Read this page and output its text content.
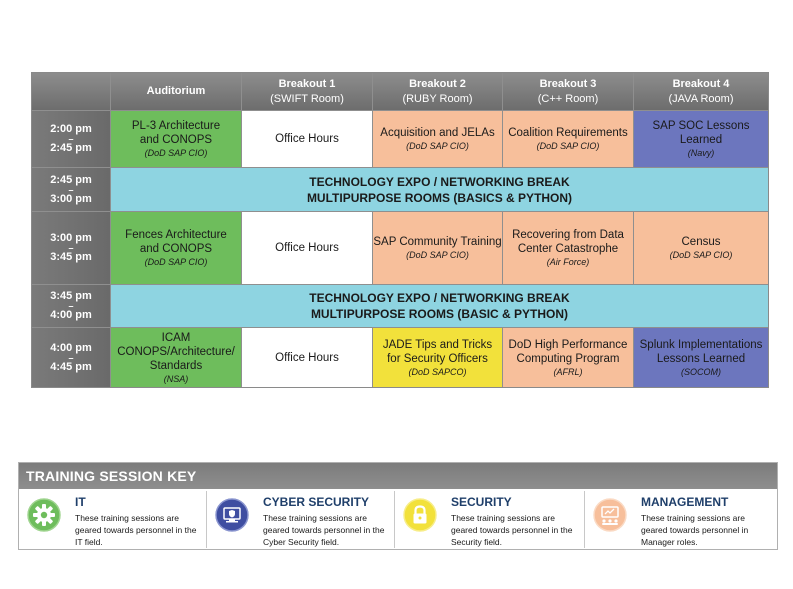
Auditorium
Breakout 1
(SWIFT Room)
Breakout 2
(RUBY Room)
Breakout 3
(C++ Room)
Breakout 4
(JAVA Room)
2:00 pm
–
2:45 pm
PL-3 Architecture
and CONOPS
(DoD SAP CIO)
Office Hours	Acquisition and JELAs
(DoD SAP CIO)
Coalition Requirements
(DoD SAP CIO)
SAP SOC Lessons Learned
(Navy)
2:45 pm
–
3:00 pm
TECHNOLOGY EXPO / NETWORKING BREAK
MULTIPURPOSE ROOMS (BASICS & PYTHON)
3:00 pm
–
3:45 pm
Fences Architecture
and CONOPS
(DoD SAP CIO)
Office Hours	SAP Community Training
(DoD SAP CIO)
Recovering from Data
Center Catastrophe
(Air Force)
Census
(DoD SAP CIO)
3:45 pm
–
4:00 pm
TECHNOLOGY EXPO / NETWORKING BREAK
MULTIPURPOSE ROOMS (BASIC & PYTHON)
4:00 pm
–
4:45 pm
ICAM CONOPS/Architecture/
Standards
(NSA)
Office Hours
JADE Tips and Tricks
for Security Officers
(DoD SAPCO)
DoD High Performance
Computing Program
(AFRL)
Splunk Implementations
Lessons Learned
(SOCOM)
TRAINING SESSION KEY
IT
These training sessions are geared towards personnel in the IT field.
CYBER SECURITY
These training sessions are geared towards personnel in the Cyber Security field.
SECURITY
These training sessions are geared towards personnel in the Security field.
MANAGEMENT
These training sessions are geared towards personnel in Manager roles.
